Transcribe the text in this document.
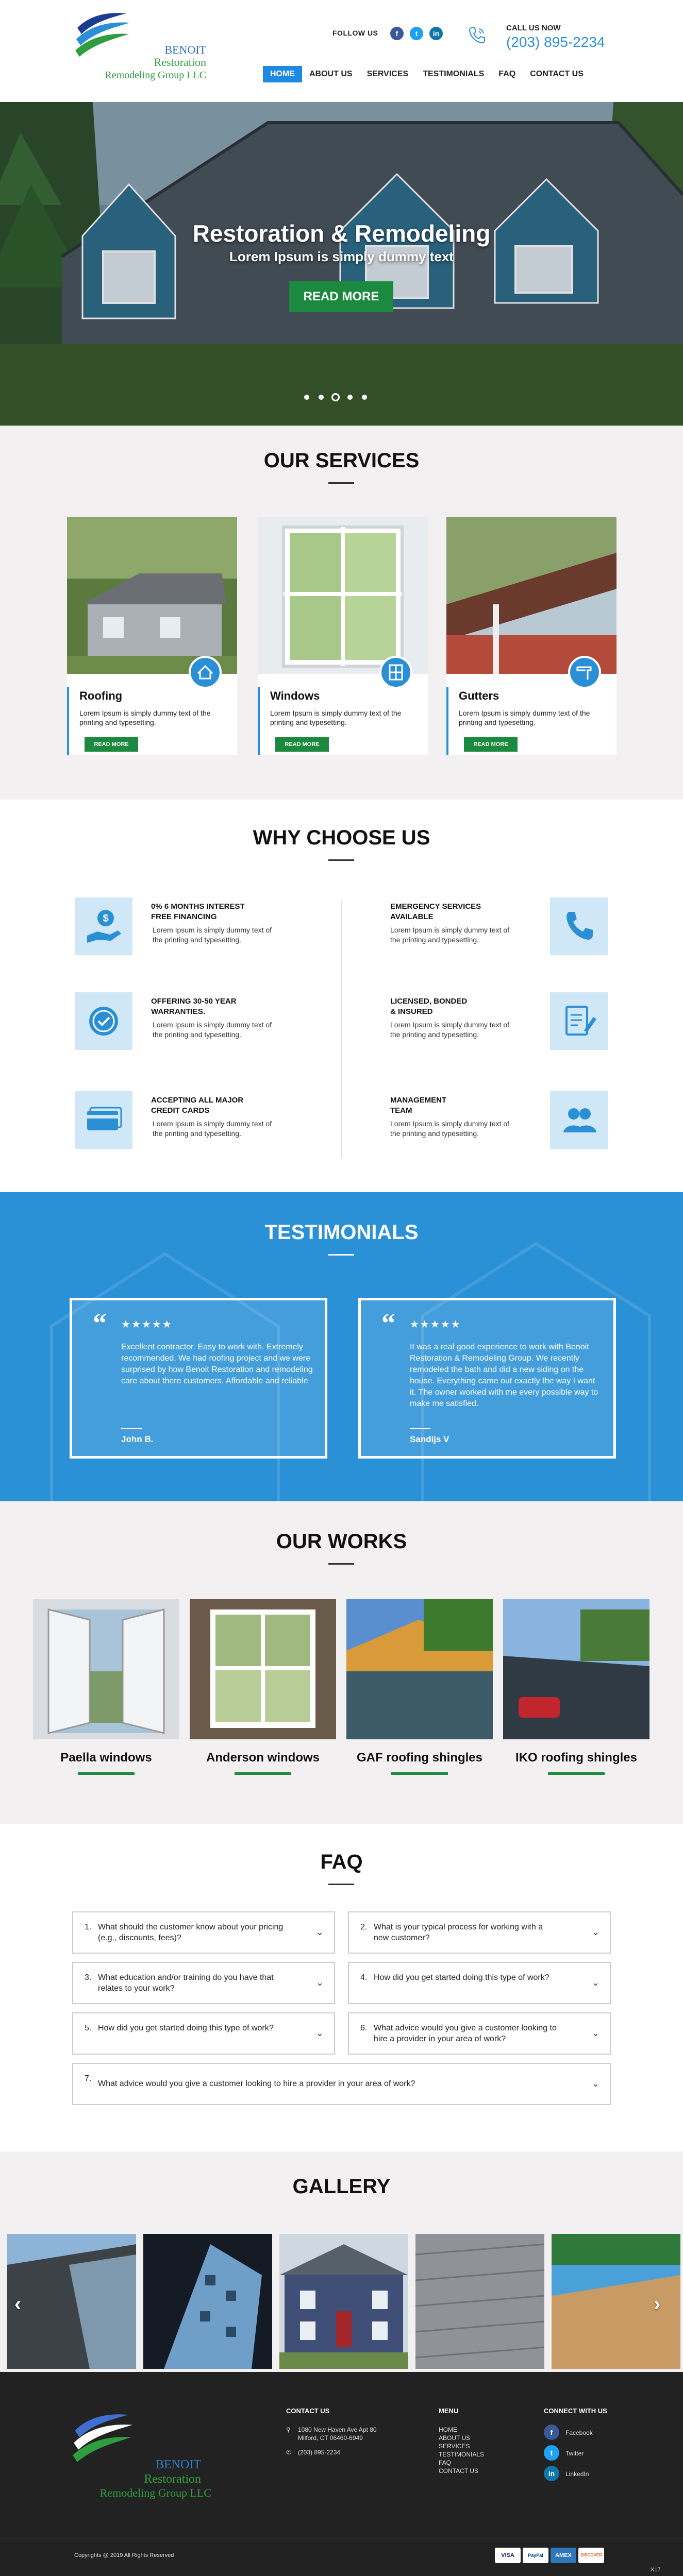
BENOIT
Restoration
Remodeling Group LLC
FOLLOW US	f	t	in
CALL US NOW
(203) 895-2234
HOME	ABOUT US	SERVICES	TESTIMONIALS	FAQ	CONTACT US
Restoration & Remodeling
Lorem Ipsum is simply dummy text
READ MORE
OUR SERVICES
Roofing
Lorem Ipsum is simply dummy text of the printing and typesetting.
READ MORE
Windows
Lorem Ipsum is simply dummy text of the printing and typesetting.
READ MORE
Gutters
Lorem Ipsum is simply dummy text of the printing and typesetting.
READ MORE
WHY CHOOSE US
$
0% 6 MONTHS INTEREST
FREE FINANCING
Lorem Ipsum is simply dummy text of
the printing and typesetting.
OFFERING 30-50 YEAR
WARRANTIES.
Lorem Ipsum is simply dummy text of
the printing and typesetting.
ACCEPTING ALL MAJOR
CREDIT CARDS
Lorem Ipsum is simply dummy text of
the printing and typesetting.
EMERGENCY SERVICES
AVAILABLE
Lorem Ipsum is simply dummy text of
the printing and typesetting.
LICENSED, BONDED
& INSURED
Lorem Ipsum is simply dummy text of
the printing and typesetting.
MANAGEMENT
TEAM
Lorem Ipsum is simply dummy text of
the printing and typesetting.
TESTIMONIALS
“ ★★★★★
Excellent contractor. Easy to work with. Extremely recommended. We had roofing project and we were surprised by how Benoit Restoration and remodeling care about there customers. Affordable and reliable
John B.
“ ★★★★★
It was a real good experience to work with Benoit Restoration & Remodeling Group. We recently remodeled the bath and did a new siding on the house. Everything came out exactly the way I want it. The owner worked with me every possible way to make me satisfied.
Sandijs V
OUR WORKS
Paella windows	Anderson windows	GAF roofing shingles	IKO roofing shingles
FAQ
1. What should the customer know about your pricing (e.g., discounts, fees)?
⌄	2. What is your typical process for working with a new customer?
⌄
3. What education and/or training do you have that relates to your work?
⌄	4. How did you get started doing this type of work?	⌄
5. How did you get started doing this type of work?	⌄	6. What advice would you give a customer looking to hire a provider in your area of work?
⌄
7.
What advice would you give a customer looking to hire a provider in your area of work?	⌄
GALLERY
‹	›
BENOIT
Restoration
Remodeling Group LLC
CONTACT US
⚲ 1080 New Haven Ave Apt 80
Milford, CT 06460-6949
✆ (203) 895-2234
MENU
HOME
ABOUT US
SERVICES
TESTIMONIALS
FAQ
CONTACT US
CONNECT WITH US
f	Facebook
t	Twitter
in	LinkedIn
Copyrights @ 2019 All Rights Reserved	VISA	PayPal	AMEX	DISCOVER
X17
